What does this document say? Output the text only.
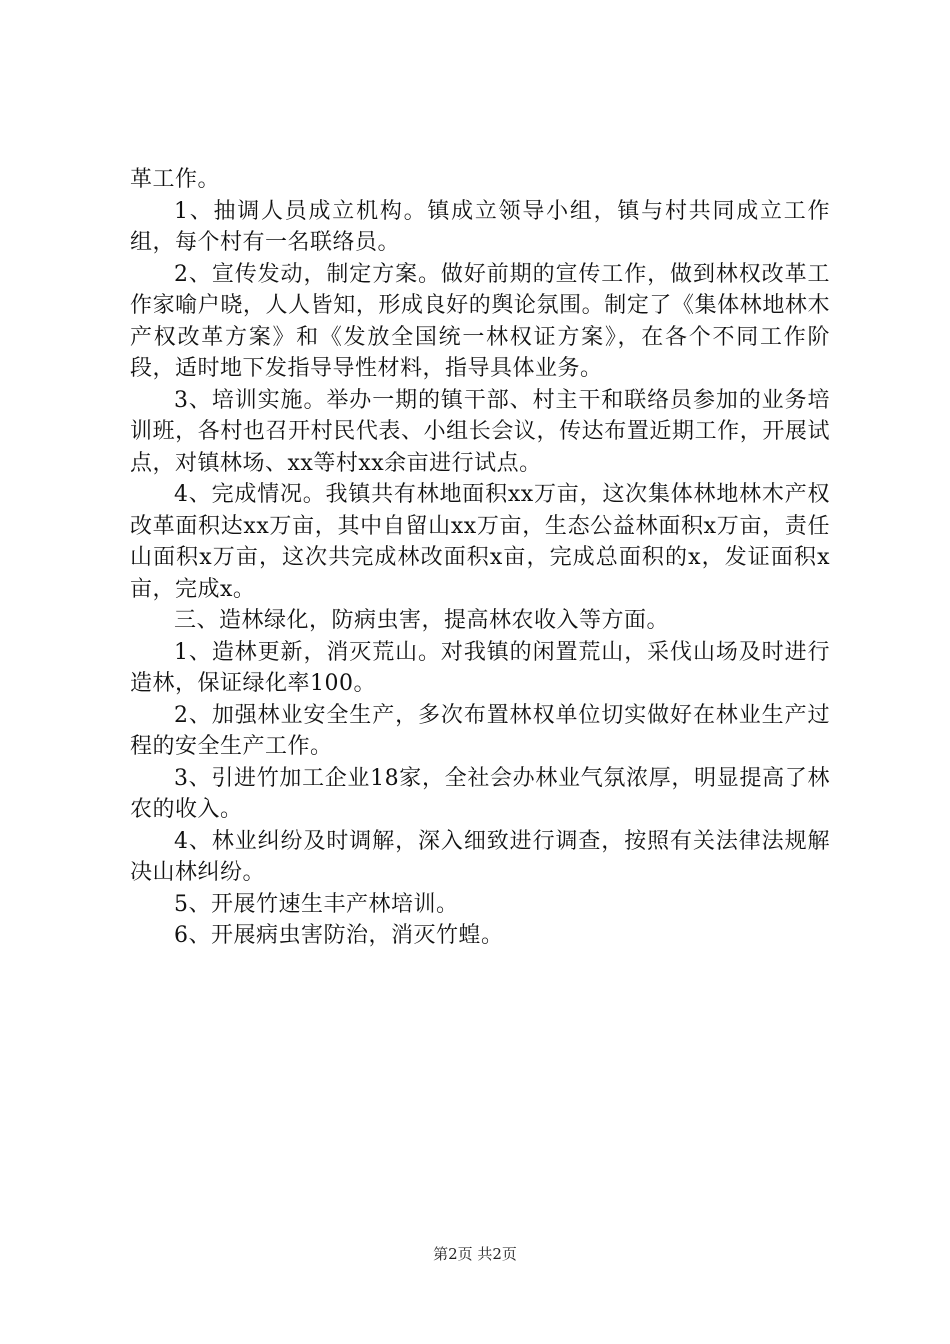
革工作。

1、抽调人员成立机构。镇成立领导小组，镇与村共同成立工作组，每个村有一名联络员。

2、宣传发动，制定方案。做好前期的宣传工作，做到林权改革工作家喻户晓，人人皆知，形成良好的舆论氛围。制定了《集体林地林木产权改革方案》和《发放全国统一林权证方案》，在各个不同工作阶段，适时地下发指导导性材料，指导具体业务。

3、培训实施。举办一期的镇干部、村主干和联络员参加的业务培训班，各村也召开村民代表、小组长会议，传达布置近期工作，开展试点，对镇林场、xx等村xx余亩进行试点。

4、完成情况。我镇共有林地面积xx万亩，这次集体林地林木产权改革面积达xx万亩，其中自留山xx万亩，生态公益林面积x万亩，责任山面积x万亩，这次共完成林改面积x亩，完成总面积的x，发证面积x亩，完成x。

三、造林绿化，防病虫害，提高林农收入等方面。

1、造林更新，消灭荒山。对我镇的闲置荒山，采伐山场及时进行造林，保证绿化率100。

2、加强林业安全生产，多次布置林权单位切实做好在林业生产过程的安全生产工作。

3、引进竹加工企业18家，全社会办林业气氛浓厚，明显提高了林农的收入。

4、林业纠纷及时调解，深入细致进行调查，按照有关法律法规解决山林纠纷。

5、开展竹速生丰产林培训。

6、开展病虫害防治，消灭竹蝗。

第2页 共2页
